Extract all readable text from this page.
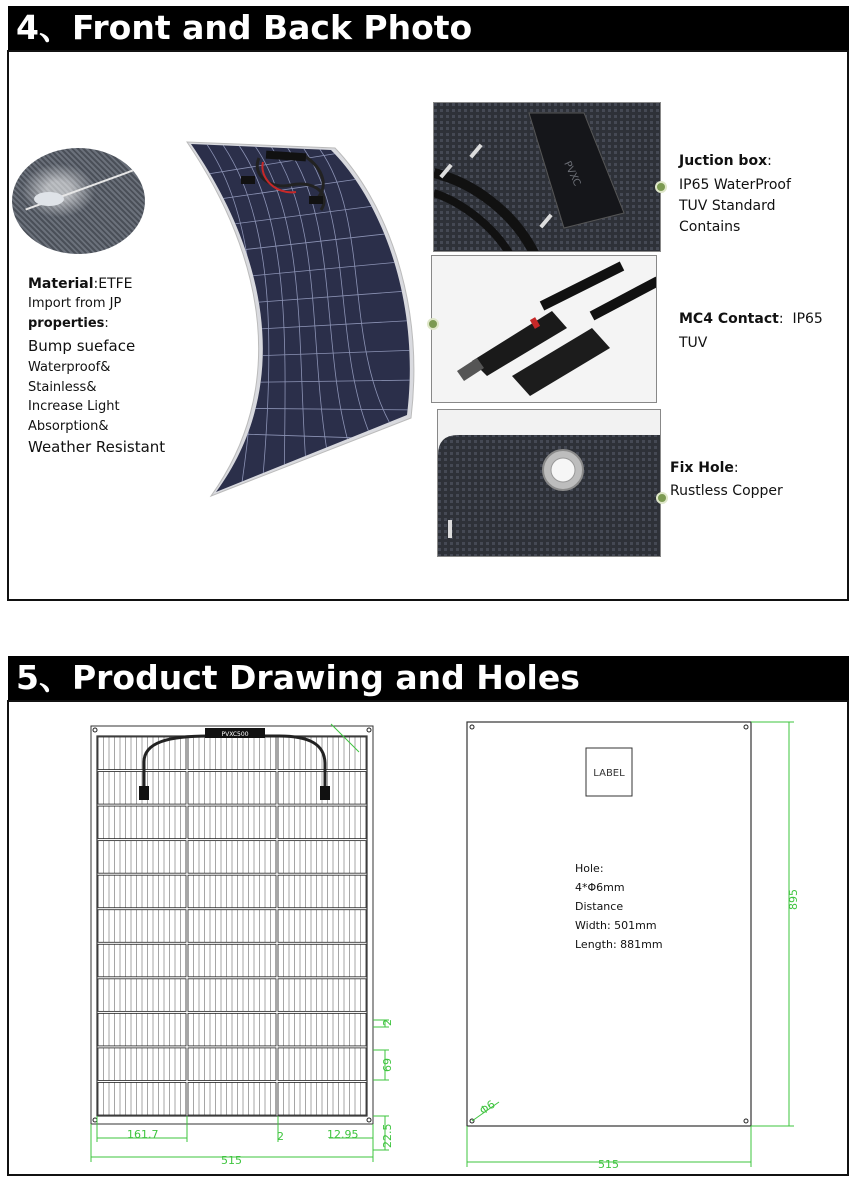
4、Front and Back Photo
Material:ETFE
Import from JP
properties:
Bump sueface
Waterproof&
Stainless&
Increase Light
Absorption&
Weather Resistant
PVXC	Juction box:
IP65 WaterProof
TUV Standard
Contains
MC4 Contact: IP65
TUV
Fix Hole:
Rustless Copper
5、Product Drawing and Holes
PVXC500
161.7	2	12.95
515
2
69
22.5
LABEL
Hole:
4*Φ6mm
Distance
Width: 501mm
Length: 881mm
895
515
Φ6
